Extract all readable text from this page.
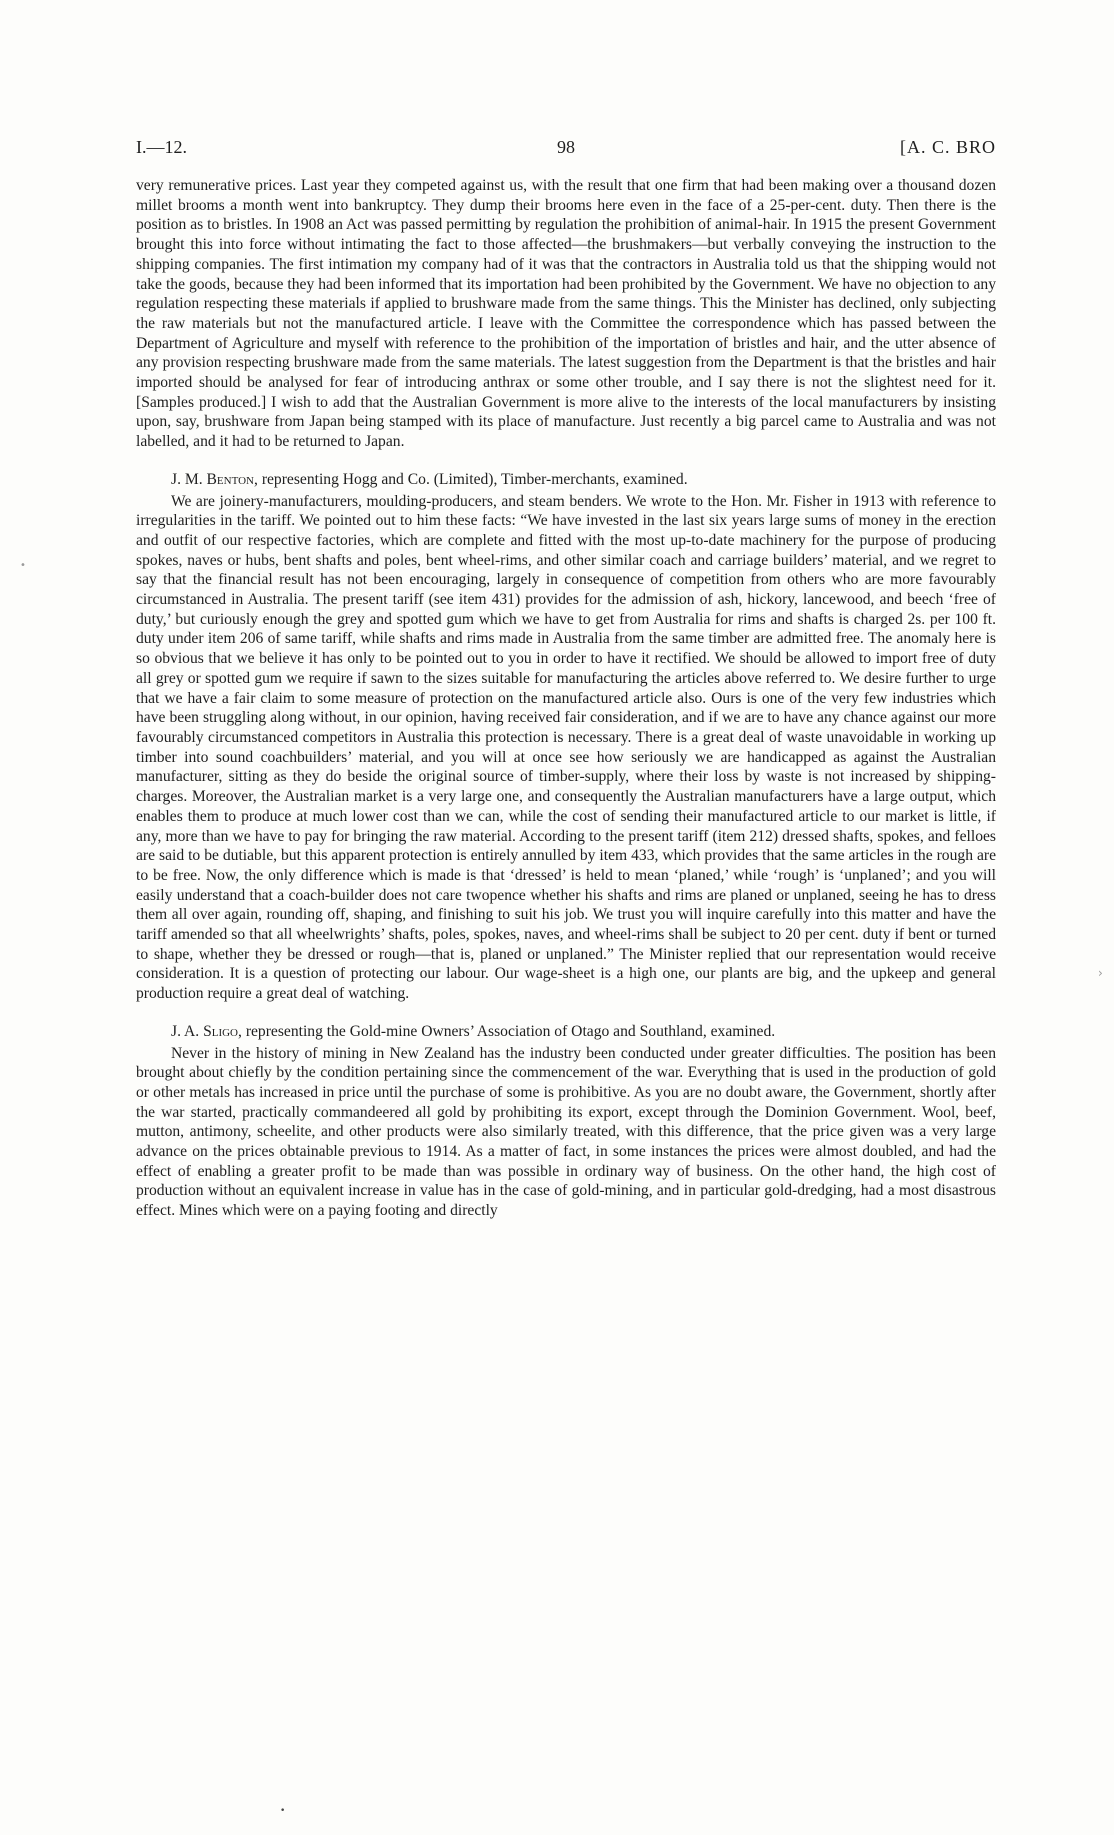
I.—12.	98	[A. C. BRO

very remunerative prices. Last year they competed against us, with the result that one firm that had been making over a thousand dozen millet brooms a month went into bankruptcy. They dump their brooms here even in the face of a 25-per-cent. duty. Then there is the position as to bristles. In 1908 an Act was passed permitting by regulation the prohibition of animal-hair. In 1915 the present Government brought this into force without intimating the fact to those affected—the brushmakers—but verbally conveying the instruction to the shipping companies. The first intimation my company had of it was that the contractors in Australia told us that the shipping would not take the goods, because they had been informed that its importation had been prohibited by the Government. We have no objection to any regulation respecting these materials if applied to brushware made from the same things. This the Minister has declined, only subjecting the raw materials but not the manufactured article. I leave with the Committee the correspondence which has passed between the Department of Agriculture and myself with reference to the prohibition of the importation of bristles and hair, and the utter absence of any provision respecting brushware made from the same materials. The latest suggestion from the Department is that the bristles and hair imported should be analysed for fear of introducing anthrax or some other trouble, and I say there is not the slightest need for it. [Samples produced.] I wish to add that the Australian Government is more alive to the interests of the local manufacturers by insisting upon, say, brushware from Japan being stamped with its place of manufacture. Just recently a big parcel came to Australia and was not labelled, and it had to be returned to Japan.

J. M. Benton, representing Hogg and Co. (Limited), Timber-merchants, examined.

We are joinery-manufacturers, moulding-producers, and steam benders. We wrote to the Hon. Mr. Fisher in 1913 with reference to irregularities in the tariff. We pointed out to him these facts: “We have invested in the last six years large sums of money in the erection and outfit of our respective factories, which are complete and fitted with the most up-to-date machinery for the purpose of producing spokes, naves or hubs, bent shafts and poles, bent wheel-rims, and other similar coach and carriage builders’ material, and we regret to say that the financial result has not been encouraging, largely in consequence of competition from others who are more favourably circumstanced in Australia. The present tariff (see item 431) provides for the admission of ash, hickory, lancewood, and beech ‘free of duty,’ but curiously enough the grey and spotted gum which we have to get from Australia for rims and shafts is charged 2s. per 100 ft. duty under item 206 of same tariff, while shafts and rims made in Australia from the same timber are admitted free. The anomaly here is so obvious that we believe it has only to be pointed out to you in order to have it rectified. We should be allowed to import free of duty all grey or spotted gum we require if sawn to the sizes suitable for manufacturing the articles above referred to. We desire further to urge that we have a fair claim to some measure of protection on the manufactured article also. Ours is one of the very few industries which have been struggling along without, in our opinion, having received fair consideration, and if we are to have any chance against our more favourably circumstanced competitors in Australia this protection is necessary. There is a great deal of waste unavoidable in working up timber into sound coachbuilders’ material, and you will at once see how seriously we are handicapped as against the Australian manufacturer, sitting as they do beside the original source of timber-supply, where their loss by waste is not increased by shipping-charges. Moreover, the Australian market is a very large one, and consequently the Australian manufacturers have a large output, which enables them to produce at much lower cost than we can, while the cost of sending their manufactured article to our market is little, if any, more than we have to pay for bringing the raw material. According to the present tariff (item 212) dressed shafts, spokes, and felloes are said to be dutiable, but this apparent protection is entirely annulled by item 433, which provides that the same articles in the rough are to be free. Now, the only difference which is made is that ‘dressed’ is held to mean ‘planed,’ while ‘rough’ is ‘unplaned’; and you will easily understand that a coach-builder does not care twopence whether his shafts and rims are planed or unplaned, seeing he has to dress them all over again, rounding off, shaping, and finishing to suit his job. We trust you will inquire carefully into this matter and have the tariff amended so that all wheelwrights’ shafts, poles, spokes, naves, and wheel-rims shall be subject to 20 per cent. duty if bent or turned to shape, whether they be dressed or rough—that is, planed or unplaned.” The Minister replied that our representation would receive consideration. It is a question of protecting our labour. Our wage-sheet is a high one, our plants are big, and the upkeep and general production require a great deal of watching.

J. A. Sligo, representing the Gold-mine Owners’ Association of Otago and Southland, examined.

Never in the history of mining in New Zealand has the industry been conducted under greater difficulties. The position has been brought about chiefly by the condition pertaining since the commencement of the war. Everything that is used in the production of gold or other metals has increased in price until the purchase of some is prohibitive. As you are no doubt aware, the Government, shortly after the war started, practically commandeered all gold by prohibiting its export, except through the Dominion Government. Wool, beef, mutton, antimony, scheelite, and other products were also similarly treated, with this difference, that the price given was a very large advance on the prices obtainable previous to 1914. As a matter of fact, in some instances the prices were almost doubled, and had the effect of enabling a greater profit to be made than was possible in ordinary way of business. On the other hand, the high cost of production without an equivalent increase in value has in the case of gold-mining, and in particular gold-dredging, had a most disastrous effect. Mines which were on a paying footing and directly

•
›
•
